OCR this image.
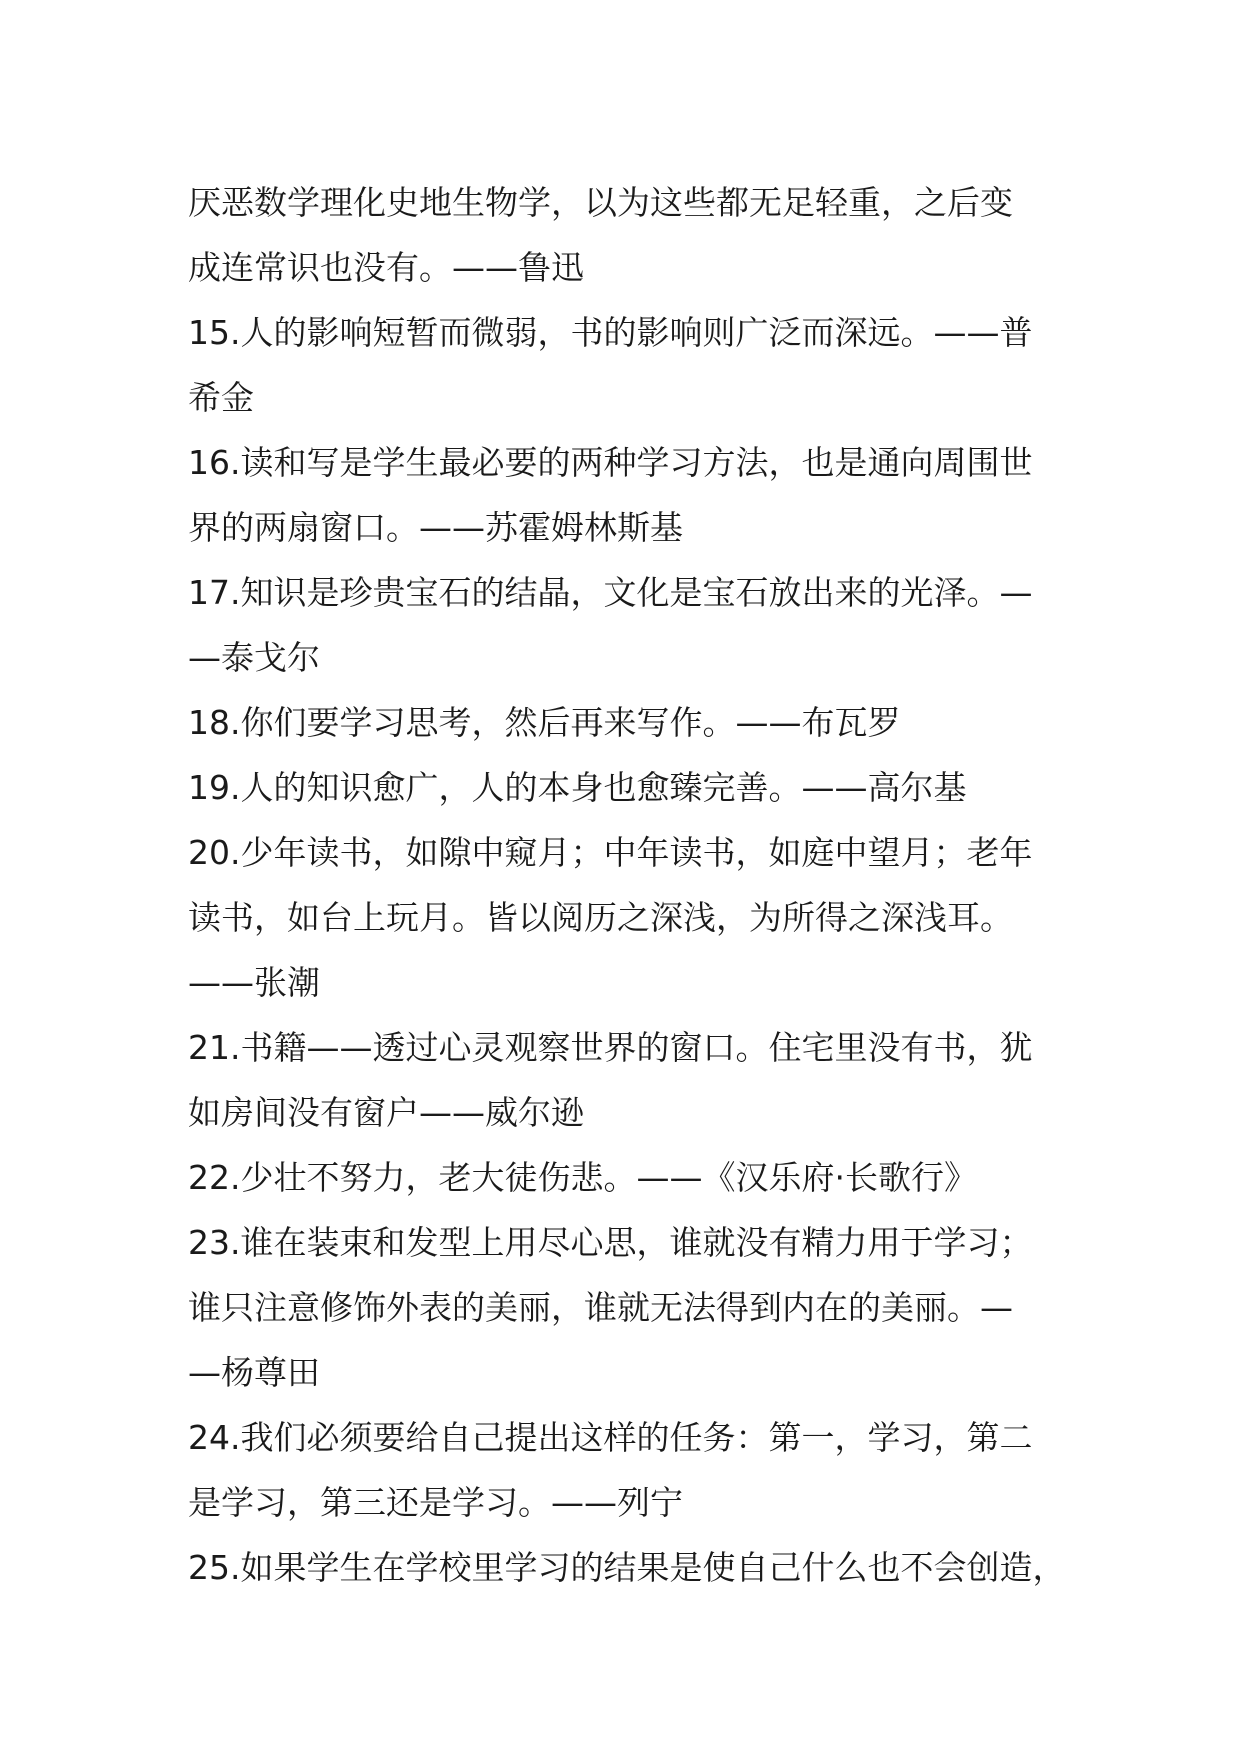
厌恶数学理化史地生物学，以为这些都无足轻重，之后变
成连常识也没有。——鲁迅
15.人的影响短暂而微弱，书的影响则广泛而深远。——普
希金
16.读和写是学生最必要的两种学习方法，也是通向周围世
界的两扇窗口。——苏霍姆林斯基
17.知识是珍贵宝石的结晶，文化是宝石放出来的光泽。—
—泰戈尔
18.你们要学习思考，然后再来写作。——布瓦罗
19.人的知识愈广，人的本身也愈臻完善。——高尔基
20.少年读书，如隙中窥月；中年读书，如庭中望月；老年
读书，如台上玩月。皆以阅历之深浅，为所得之深浅耳。
——张潮
21.书籍——透过心灵观察世界的窗口。住宅里没有书，犹
如房间没有窗户——威尔逊
22.少壮不努力，老大徒伤悲。——《汉乐府·长歌行》
23.谁在装束和发型上用尽心思，谁就没有精力用于学习；
谁只注意修饰外表的美丽，谁就无法得到内在的美丽。—
—杨尊田
24.我们必须要给自己提出这样的任务：第一，学习，第二
是学习，第三还是学习。——列宁
25.如果学生在学校里学习的结果是使自己什么也不会创造，
